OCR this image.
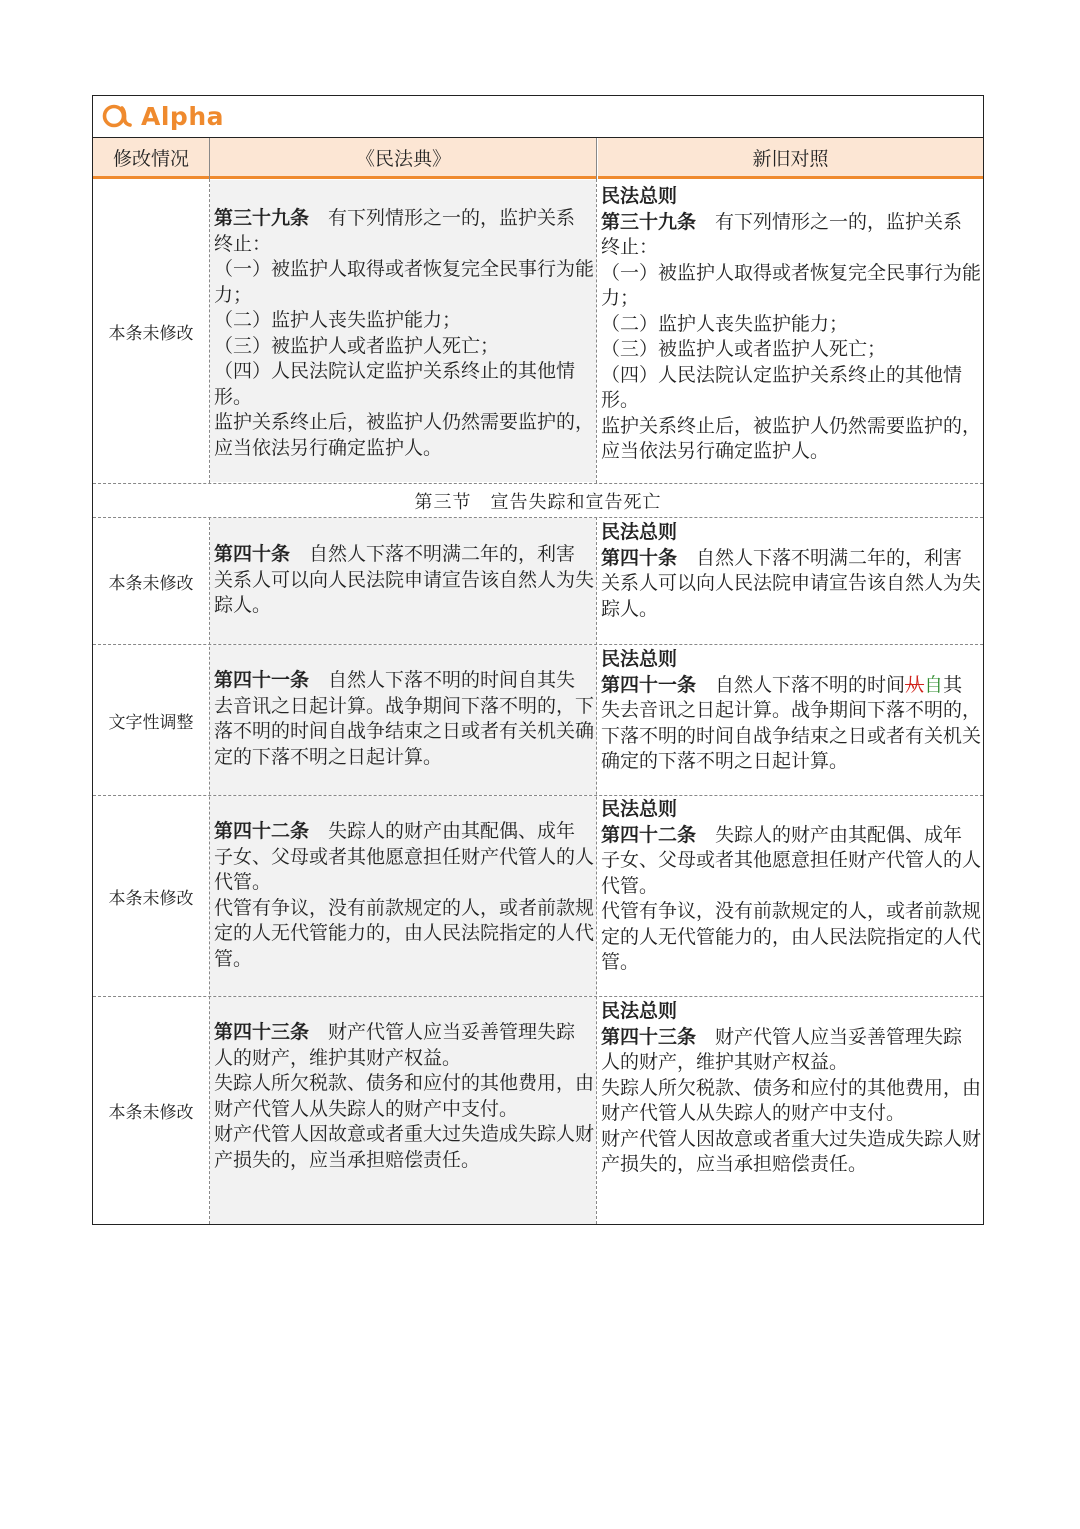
Alpha
修改情况	《民法典》	新旧对照
本条未修改

第三十九条　有下列情形之一的，监护关系终止：

（一）被监护人取得或者恢复完全民事行为能力；

（二）监护人丧失监护能力；

（三）被监护人或者监护人死亡；

（四）人民法院认定监护关系终止的其他情形。

监护关系终止后，被监护人仍然需要监护的，应当依法另行确定监护人。

民法总则

第三十九条　有下列情形之一的，监护关系终止：

（一）被监护人取得或者恢复完全民事行为能力；

（二）监护人丧失监护能力；

（三）被监护人或者监护人死亡；

（四）人民法院认定监护关系终止的其他情形。

监护关系终止后，被监护人仍然需要监护的，应当依法另行确定监护人。

第三节　宣告失踪和宣告死亡
本条未修改

第四十条　自然人下落不明满二年的，利害关系人可以向人民法院申请宣告该自然人为失踪人。

民法总则

第四十条　自然人下落不明满二年的，利害关系人可以向人民法院申请宣告该自然人为失踪人。

文字性调整

第四十一条　自然人下落不明的时间自其失去音讯之日起计算。战争期间下落不明的，下落不明的时间自战争结束之日或者有关机关确定的下落不明之日起计算。

民法总则

第四十一条　自然人下落不明的时间从自其失去音讯之日起计算。战争期间下落不明的，下落不明的时间自战争结束之日或者有关机关确定的下落不明之日起计算。

本条未修改

第四十二条　失踪人的财产由其配偶、成年子女、父母或者其他愿意担任财产代管人的人代管。

代管有争议，没有前款规定的人，或者前款规定的人无代管能力的，由人民法院指定的人代管。

民法总则

第四十二条　失踪人的财产由其配偶、成年子女、父母或者其他愿意担任财产代管人的人代管。

代管有争议，没有前款规定的人，或者前款规定的人无代管能力的，由人民法院指定的人代管。

本条未修改

第四十三条　财产代管人应当妥善管理失踪人的财产，维护其财产权益。

失踪人所欠税款、债务和应付的其他费用，由财产代管人从失踪人的财产中支付。

财产代管人因故意或者重大过失造成失踪人财产损失的，应当承担赔偿责任。

民法总则

第四十三条　财产代管人应当妥善管理失踪人的财产，维护其财产权益。

失踪人所欠税款、债务和应付的其他费用，由财产代管人从失踪人的财产中支付。

财产代管人因故意或者重大过失造成失踪人财产损失的，应当承担赔偿责任。
